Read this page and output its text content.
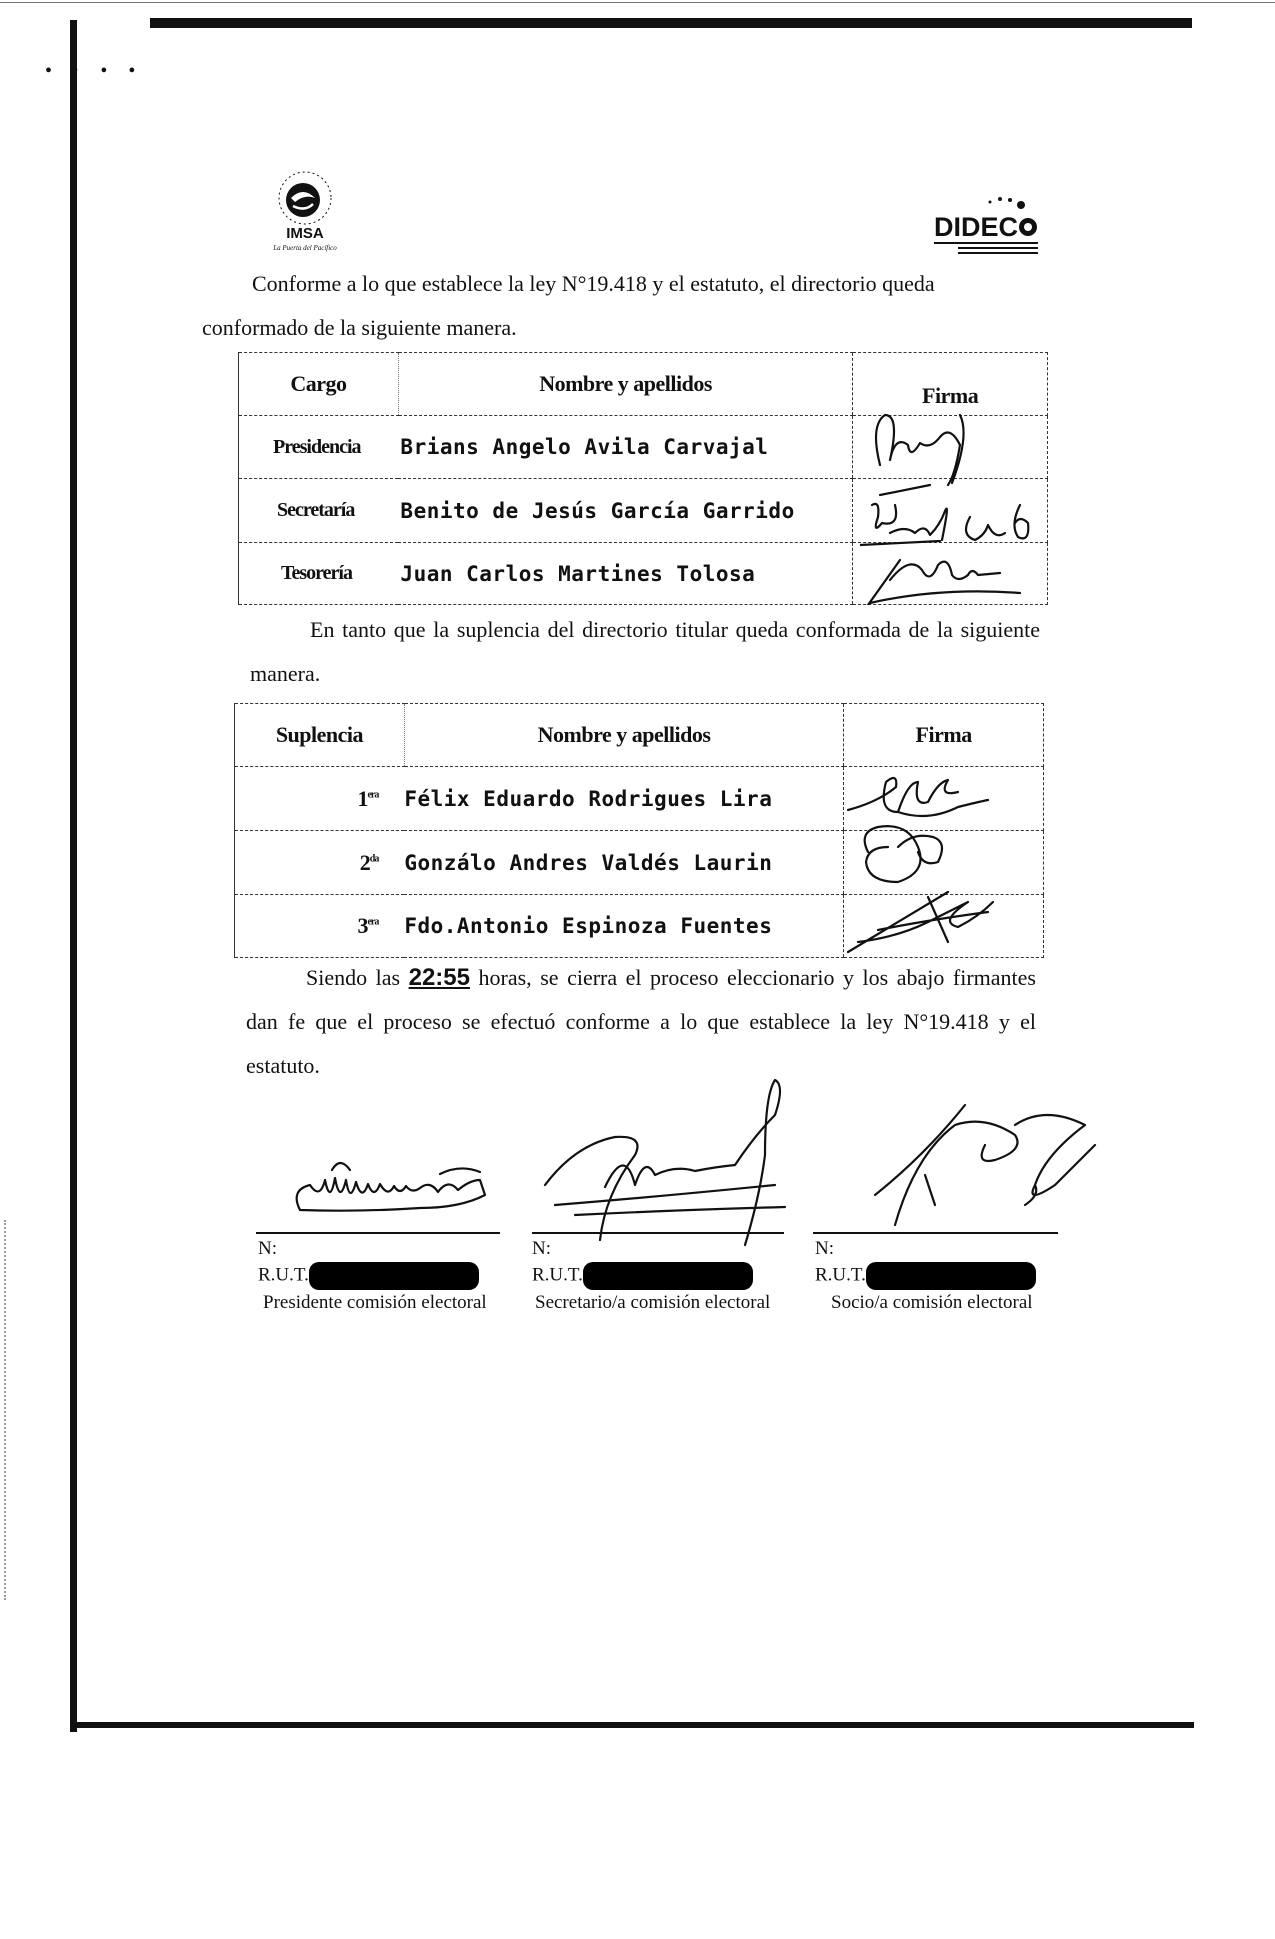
• ‧ • •
IMSA
La Puerta del Pacífico
DIDEC
Conforme a lo que establece la ley N°19.418 y el estatuto, el directorio queda
conformado de la siguiente manera.
Cargo	Nombre y apellidos	Firma
Presidencia	Brians Angelo Avila Carvajal	
Secretaría	Benito de Jesús García Garrido	
Tesorería	Juan Carlos Martines Tolosa	
En tanto que la suplencia del directorio titular queda conformada de la siguiente manera.
Suplencia	Nombre y apellidos	Firma
$1^{era}$	Félix Eduardo Rodrigues Lira	
$2^{da}$	Gonzálo Andres Valdés Laurin	
$3^{era}$	Fdo.Antonio Espinoza Fuentes	
Siendo las 22:55 horas, se cierra el proceso eleccionario y los abajo firmantes dan fe que el proceso se efectuó conforme a lo que establece la ley N°19.418 y el estatuto.
N:
R.U.T.
Presidente comisión electoral
N:
R.U.T.
Secretario/a comisión electoral
N:
R.U.T.
Socio/a comisión electoral
